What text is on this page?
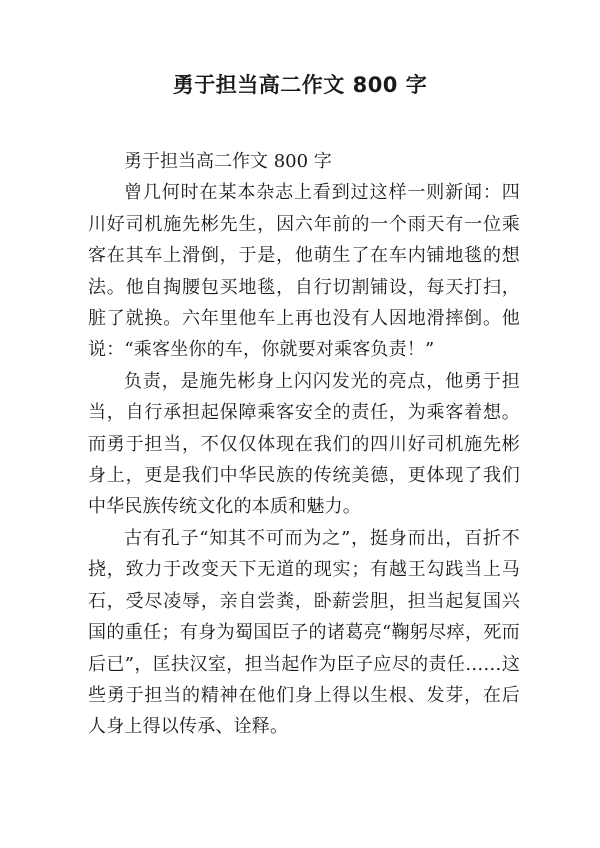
勇于担当高二作文 800 字

勇于担当高二作文 800 字

曾几何时在某本杂志上看到过这样一则新闻：四川好司机施先彬先生，因六年前的一个雨天有一位乘客在其车上滑倒，于是，他萌生了在车内铺地毯的想法。他自掏腰包买地毯，自行切割铺设，每天打扫，脏了就换。六年里他车上再也没有人因地滑摔倒。他说：“乘客坐你的车，你就要对乘客负责！”

负责，是施先彬身上闪闪发光的亮点，他勇于担当，自行承担起保障乘客安全的责任，为乘客着想。而勇于担当，不仅仅体现在我们的四川好司机施先彬身上，更是我们中华民族的传统美德，更体现了我们中华民族传统文化的本质和魅力。

古有孔子“知其不可而为之”，挺身而出，百折不挠，致力于改变天下无道的现实；有越王勾践当上马石，受尽凌辱，亲自尝粪，卧薪尝胆，担当起复国兴国的重任；有身为蜀国臣子的诸葛亮“鞠躬尽瘁，死而后已”，匡扶汉室，担当起作为臣子应尽的责任……这些勇于担当的精神在他们身上得以生根、发芽，在后人身上得以传承、诠释。
